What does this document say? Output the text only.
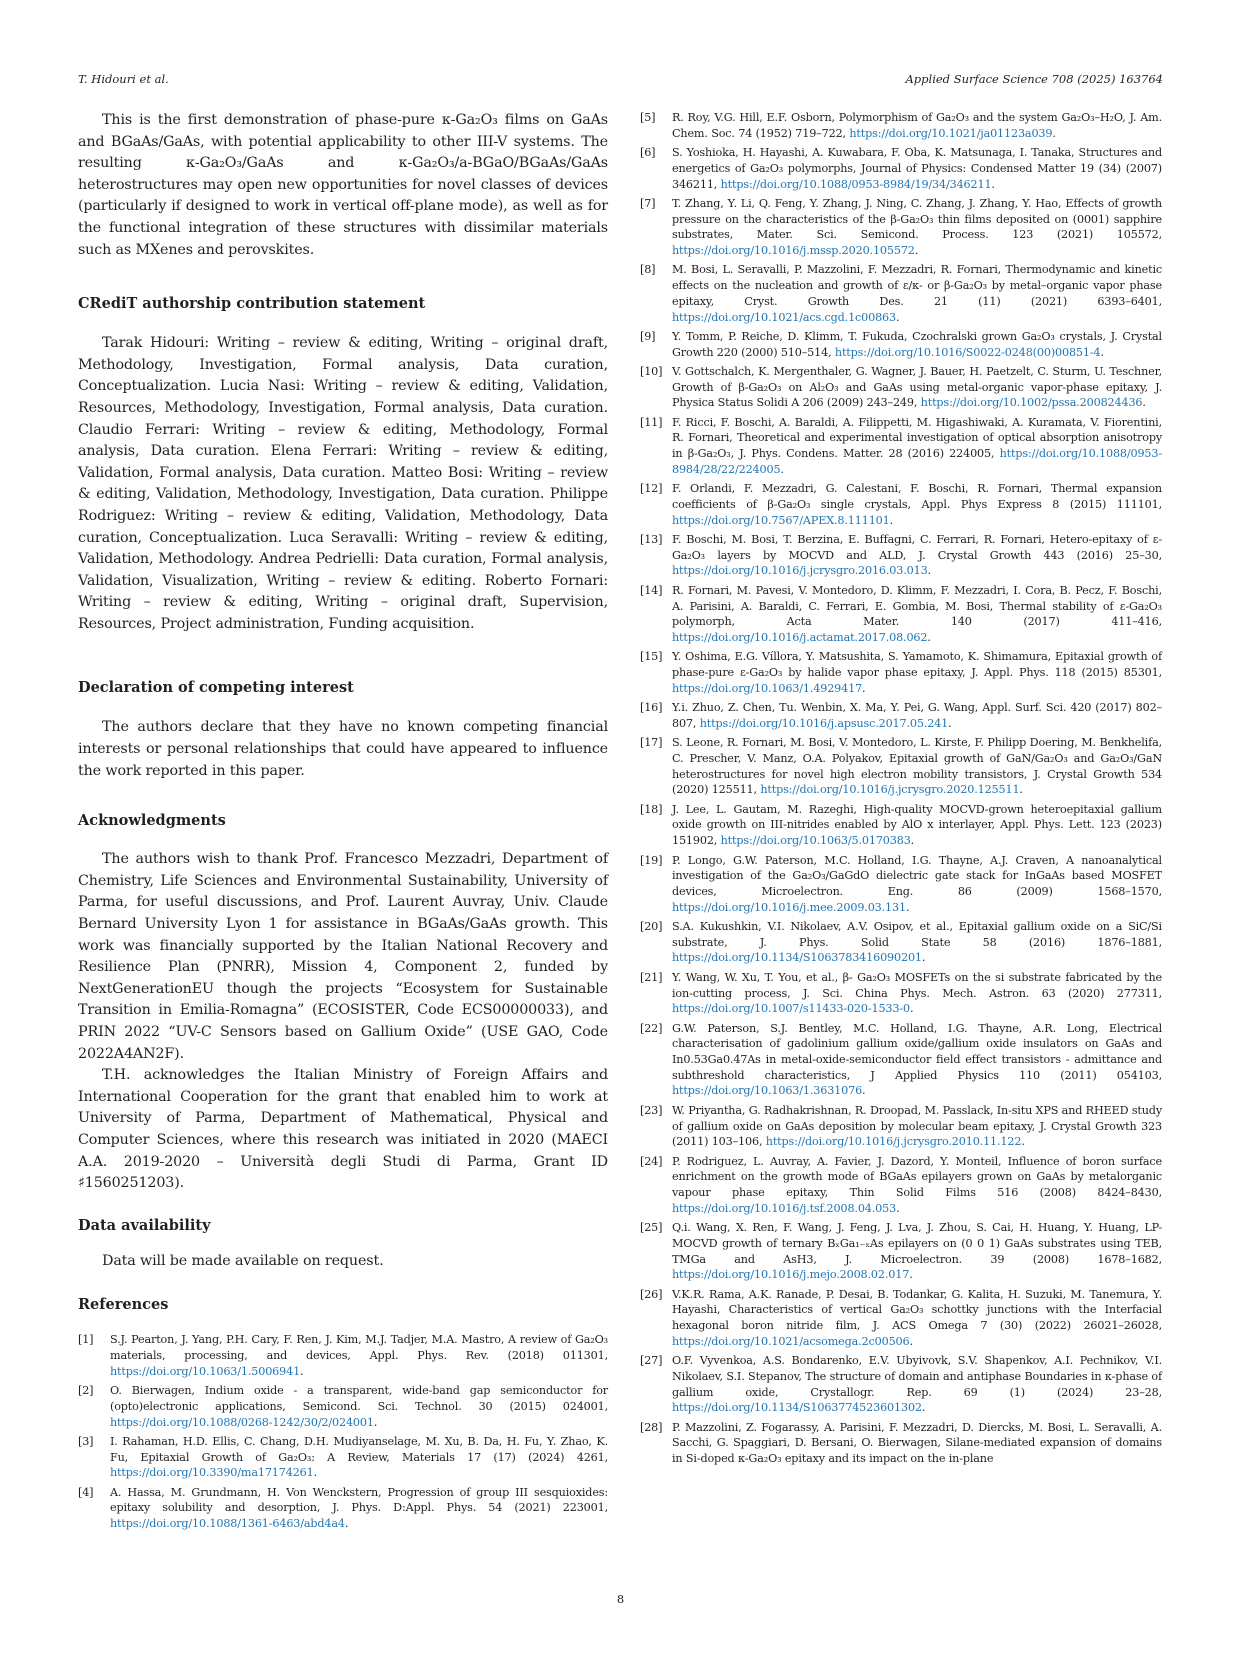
T. Hidouri et al.	Applied Surface Science 708 (2025) 163764

This is the first demonstration of phase-pure κ-Ga₂O₃ films on GaAs and BGaAs/GaAs, with potential applicability to other III-V systems. The resulting κ-Ga₂O₃/GaAs and κ-Ga₂O₃/a-BGaO/BGaAs/GaAs heterostructures may open new opportunities for novel classes of devices (particularly if designed to work in vertical off-plane mode), as well as for the functional integration of these structures with dissimilar materials such as MXenes and perovskites.

CRediT authorship contribution statement

Tarak Hidouri: Writing – review & editing, Writing – original draft, Methodology, Investigation, Formal analysis, Data curation, Conceptualization. Lucia Nasi: Writing – review & editing, Validation, Resources, Methodology, Investigation, Formal analysis, Data curation. Claudio Ferrari: Writing – review & editing, Methodology, Formal analysis, Data curation. Elena Ferrari: Writing – review & editing, Validation, Formal analysis, Data curation. Matteo Bosi: Writing – review & editing, Validation, Methodology, Investigation, Data curation. Philippe Rodriguez: Writing – review & editing, Validation, Methodology, Data curation, Conceptualization. Luca Seravalli: Writing – review & editing, Validation, Methodology. Andrea Pedrielli: Data curation, Formal analysis, Validation, Visualization, Writing – review & editing. Roberto Fornari: Writing – review & editing, Writing – original draft, Supervision, Resources, Project administration, Funding acquisition.

Declaration of competing interest

The authors declare that they have no known competing financial interests or personal relationships that could have appeared to influence the work reported in this paper.

Acknowledgments

The authors wish to thank Prof. Francesco Mezzadri, Department of Chemistry, Life Sciences and Environmental Sustainability, University of Parma, for useful discussions, and Prof. Laurent Auvray, Univ. Claude Bernard University Lyon 1 for assistance in BGaAs/GaAs growth. This work was financially supported by the Italian National Recovery and Resilience Plan (PNRR), Mission 4, Component 2, funded by NextGenerationEU though the projects “Ecosystem for Sustainable Transition in Emilia-Romagna” (ECOSISTER, Code ECS00000033), and PRIN 2022 “UV-C Sensors based on Gallium Oxide” (USE GAO, Code 2022A4AN2F).

T.H. acknowledges the Italian Ministry of Foreign Affairs and International Cooperation for the grant that enabled him to work at University of Parma, Department of Mathematical, Physical and Computer Sciences, where this research was initiated in 2020 (MAECI A.A. 2019-2020 – Università degli Studi di Parma, Grant ID ♯1560251203).

Data availability

Data will be made available on request.

References
[1]	S.J. Pearton, J. Yang, P.H. Cary, F. Ren, J. Kim, M.J. Tadjer, M.A. Mastro, A review of Ga₂O₃ materials, processing, and devices, Appl. Phys. Rev. (2018) 011301, https://doi.org/10.1063/1.5006941.
[2]	O. Bierwagen, Indium oxide - a transparent, wide-band gap semiconductor for (opto)electronic applications, Semicond. Sci. Technol. 30 (2015) 024001, https://doi.org/10.1088/0268-1242/30/2/024001.
[3]	I. Rahaman, H.D. Ellis, C. Chang, D.H. Mudiyanselage, M. Xu, B. Da, H. Fu, Y. Zhao, K. Fu, Epitaxial Growth of Ga₂O₃: A Review, Materials 17 (17) (2024) 4261, https://doi.org/10.3390/ma17174261.
[4]	A. Hassa, M. Grundmann, H. Von Wenckstern, Progression of group III sesquioxides: epitaxy solubility and desorption, J. Phys. D:Appl. Phys. 54 (2021) 223001, https://doi.org/10.1088/1361-6463/abd4a4.
[5]	R. Roy, V.G. Hill, E.F. Osborn, Polymorphism of Ga₂O₃ and the system Ga₂O₃–H₂O, J. Am. Chem. Soc. 74 (1952) 719–722, https://doi.org/10.1021/ja01123a039.
[6]	S. Yoshioka, H. Hayashi, A. Kuwabara, F. Oba, K. Matsunaga, I. Tanaka, Structures and energetics of Ga₂O₃ polymorphs, Journal of Physics: Condensed Matter 19 (34) (2007) 346211, https://doi.org/10.1088/0953-8984/19/34/346211.
[7]	T. Zhang, Y. Li, Q. Feng, Y. Zhang, J. Ning, C. Zhang, J. Zhang, Y. Hao, Effects of growth pressure on the characteristics of the β-Ga₂O₃ thin films deposited on (0001) sapphire substrates, Mater. Sci. Semicond. Process. 123 (2021) 105572, https://doi.org/10.1016/j.mssp.2020.105572.
[8]	M. Bosi, L. Seravalli, P. Mazzolini, F. Mezzadri, R. Fornari, Thermodynamic and kinetic effects on the nucleation and growth of ε/κ- or β-Ga₂O₃ by metal–organic vapor phase epitaxy, Cryst. Growth Des. 21 (11) (2021) 6393–6401, https://doi.org/10.1021/acs.cgd.1c00863.
[9]	Y. Tomm, P. Reiche, D. Klimm, T. Fukuda, Czochralski grown Ga₂O₃ crystals, J. Crystal Growth 220 (2000) 510–514, https://doi.org/10.1016/S0022-0248(00)00851-4.
[10] V. Gottschalch, K. Mergenthaler, G. Wagner, J. Bauer, H. Paetzelt, C. Sturm, U. Teschner, Growth of β-Ga₂O₃ on Al₂O₃ and GaAs using metal-organic vapor-phase epitaxy, J. Physica Status Solidi A 206 (2009) 243–249, https://doi.org/10.1002/pssa.200824436.
[11] F. Ricci, F. Boschi, A. Baraldi, A. Filippetti, M. Higashiwaki, A. Kuramata, V. Fiorentini, R. Fornari, Theoretical and experimental investigation of optical absorption anisotropy in β-Ga₂O₃, J. Phys. Condens. Matter. 28 (2016) 224005, https://doi.org/10.1088/0953-8984/28/22/224005.
[12] F. Orlandi, F. Mezzadri, G. Calestani, F. Boschi, R. Fornari, Thermal expansion coefficients of β-Ga₂O₃ single crystals, Appl. Phys Express 8 (2015) 111101, https://doi.org/10.7567/APEX.8.111101.
[13] F. Boschi, M. Bosi, T. Berzina, E. Buffagni, C. Ferrari, R. Fornari, Hetero-epitaxy of ε-Ga₂O₃ layers by MOCVD and ALD, J. Crystal Growth 443 (2016) 25–30, https://doi.org/10.1016/j.jcrysgro.2016.03.013.
[14] R. Fornari, M. Pavesi, V. Montedoro, D. Klimm, F. Mezzadri, I. Cora, B. Pecz, F. Boschi, A. Parisini, A. Baraldi, C. Ferrari, E. Gombia, M. Bosi, Thermal stability of ε-Ga₂O₃ polymorph, Acta Mater. 140 (2017) 411–416, https://doi.org/10.1016/j.actamat.2017.08.062.
[15] Y. Oshima, E.G. Víllora, Y. Matsushita, S. Yamamoto, K. Shimamura, Epitaxial growth of phase-pure ε-Ga₂O₃ by halide vapor phase epitaxy, J. Appl. Phys. 118 (2015) 85301, https://doi.org/10.1063/1.4929417.
[16] Y.i. Zhuo, Z. Chen, Tu. Wenbin, X. Ma, Y. Pei, G. Wang, Appl. Surf. Sci. 420 (2017) 802–807, https://doi.org/10.1016/j.apsusc.2017.05.241.
[17] S. Leone, R. Fornari, M. Bosi, V. Montedoro, L. Kirste, F. Philipp Doering, M. Benkhelifa, C. Prescher, V. Manz, O.A. Polyakov, Epitaxial growth of GaN/Ga₂O₃ and Ga₂O₃/GaN heterostructures for novel high electron mobility transistors, J. Crystal Growth 534 (2020) 125511, https://doi.org/10.1016/j.jcrysgro.2020.125511.
[18] J. Lee, L. Gautam, M. Razeghi, High-quality MOCVD-grown heteroepitaxial gallium oxide growth on III-nitrides enabled by AlO x interlayer, Appl. Phys. Lett. 123 (2023) 151902, https://doi.org/10.1063/5.0170383.
[19] P. Longo, G.W. Paterson, M.C. Holland, I.G. Thayne, A.J. Craven, A nanoanalytical investigation of the Ga₂O₃/GaGdO dielectric gate stack for InGaAs based MOSFET devices, Microelectron. Eng. 86 (2009) 1568–1570, https://doi.org/10.1016/j.mee.2009.03.131.
[20] S.A. Kukushkin, V.I. Nikolaev, A.V. Osipov, et al., Epitaxial gallium oxide on a SiC/Si substrate, J. Phys. Solid State 58 (2016) 1876–1881, https://doi.org/10.1134/S1063783416090201.
[21] Y. Wang, W. Xu, T. You, et al., β- Ga₂O₃ MOSFETs on the si substrate fabricated by the ion-cutting process, J. Sci. China Phys. Mech. Astron. 63 (2020) 277311, https://doi.org/10.1007/s11433-020-1533-0.
[22] G.W. Paterson, S.J. Bentley, M.C. Holland, I.G. Thayne, A.R. Long, Electrical characterisation of gadolinium gallium oxide/gallium oxide insulators on GaAs and In0.53Ga0.47As in metal-oxide-semiconductor field effect transistors - admittance and subthreshold characteristics, J Applied Physics 110 (2011) 054103, https://doi.org/10.1063/1.3631076.
[23] W. Priyantha, G. Radhakrishnan, R. Droopad, M. Passlack, In-situ XPS and RHEED study of gallium oxide on GaAs deposition by molecular beam epitaxy, J. Crystal Growth 323 (2011) 103–106, https://doi.org/10.1016/j.jcrysgro.2010.11.122.
[24] P. Rodriguez, L. Auvray, A. Favier, J. Dazord, Y. Monteil, Influence of boron surface enrichment on the growth mode of BGaAs epilayers grown on GaAs by metalorganic vapour phase epitaxy, Thin Solid Films 516 (2008) 8424–8430, https://doi.org/10.1016/j.tsf.2008.04.053.
[25] Q.i. Wang, X. Ren, F. Wang, J. Feng, J. Lva, J. Zhou, S. Cai, H. Huang, Y. Huang, LP-MOCVD growth of ternary BₓGa₁₋ₓAs epilayers on (0 0 1) GaAs substrates using TEB, TMGa and AsH3, J. Microelectron. 39 (2008) 1678–1682, https://doi.org/10.1016/j.mejo.2008.02.017.
[26] V.K.R. Rama, A.K. Ranade, P. Desai, B. Todankar, G. Kalita, H. Suzuki, M. Tanemura, Y. Hayashi, Characteristics of vertical Ga₂O₃ schottky junctions with the Interfacial hexagonal boron nitride film, J. ACS Omega 7 (30) (2022) 26021–26028, https://doi.org/10.1021/acsomega.2c00506.
[27] O.F. Vyvenkoa, A.S. Bondarenko, E.V. Ubyivovk, S.V. Shapenkov, A.I. Pechnikov, V.I. Nikolaev, S.I. Stepanov, The structure of domain and antiphase Boundaries in κ-phase of gallium oxide, Crystallogr. Rep. 69 (1) (2024) 23–28, https://doi.org/10.1134/S1063774523601302.
[28] P. Mazzolini, Z. Fogarassy, A. Parisini, F. Mezzadri, D. Diercks, M. Bosi, L. Seravalli, A. Sacchi, G. Spaggiari, D. Bersani, O. Bierwagen, Silane-mediated expansion of domains in Si-doped κ-Ga₂O₃ epitaxy and its impact on the in-plane
8
